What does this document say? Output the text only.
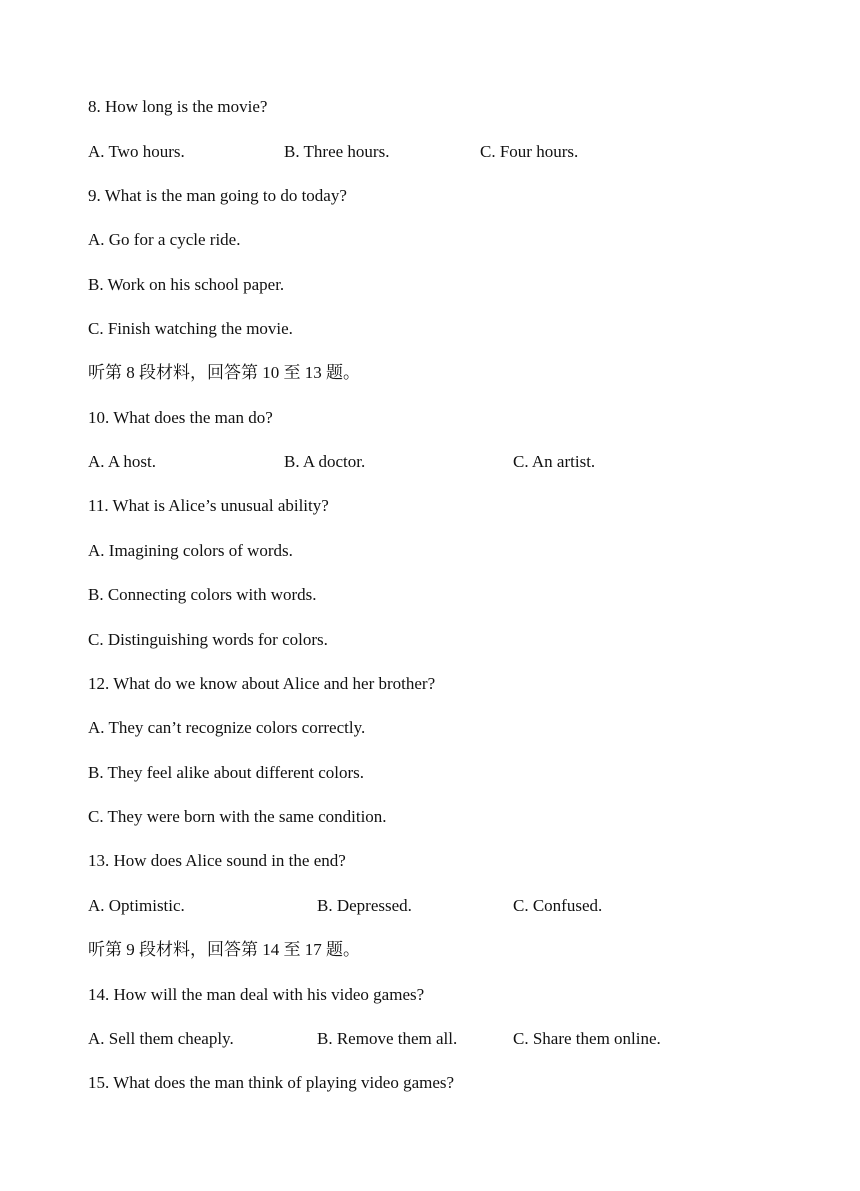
8. How long is the movie?
A. Two hours.	B. Three hours.	C. Four hours.
9. What is the man going to do today?
A. Go for a cycle ride.
B. Work on his school paper.
C. Finish watching the movie.
听第 8 段材料，回答第 10 至 13 题。
10. What does the man do?
A. A host.	B. A doctor.	C. An artist.
11. What is Alice’s unusual ability?
A. Imagining colors of words.
B. Connecting colors with words.
C. Distinguishing words for colors.
12. What do we know about Alice and her brother?
A. They can’t recognize colors correctly.
B. They feel alike about different colors.
C. They were born with the same condition.
13. How does Alice sound in the end?
A. Optimistic.	B. Depressed.	C. Confused.
听第 9 段材料，回答第 14 至 17 题。
14. How will the man deal with his video games?
A. Sell them cheaply.	B. Remove them all.	C. Share them online.
15. What does the man think of playing video games?
